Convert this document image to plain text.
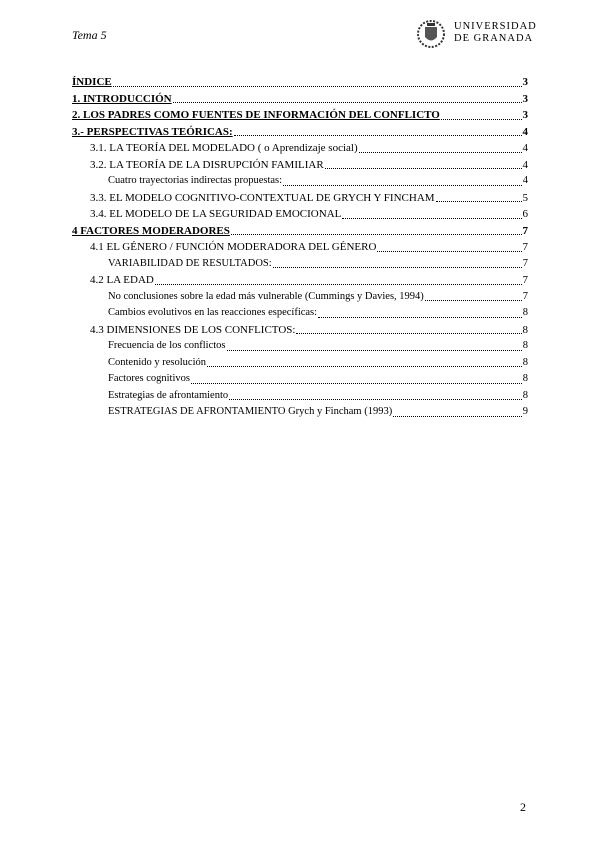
Tema 5
UNIVERSIDAD
DE GRANADA
ÍNDICE	3
1. INTRODUCCIÓN	3
2. LOS PADRES COMO FUENTES DE INFORMACIÓN DEL CONFLICTO	3
3.- PERSPECTIVAS TEÓRICAS:	4
3.1. LA TEORÍA DEL MODELADO ( o Aprendizaje social)	4
3.2. LA TEORÍA DE LA DISRUPCIÓN FAMILIAR	4
Cuatro trayectorias indirectas propuestas:	4
3.3. EL MODELO COGNITIVO-CONTEXTUAL DE GRYCH Y FINCHAM	5
3.4. EL MODELO DE LA SEGURIDAD EMOCIONAL	6
4 FACTORES MODERADORES	7
4.1 EL GÉNERO / FUNCIÓN MODERADORA DEL GÉNERO	7
VARIABILIDAD DE RESULTADOS:	7
4.2 LA EDAD	7
No conclusiones sobre la edad más vulnerable (Cummings y Davies, 1994)	7
Cambios evolutivos en las reacciones específicas:	8
4.3 DIMENSIONES DE LOS CONFLICTOS:	8
Frecuencia de los conflictos	8
Contenido y resolución	8
Factores cognitivos	8
Estrategias de afrontamiento	8
ESTRATEGIAS DE AFRONTAMIENTO Grych y Fincham (1993)	9
2
